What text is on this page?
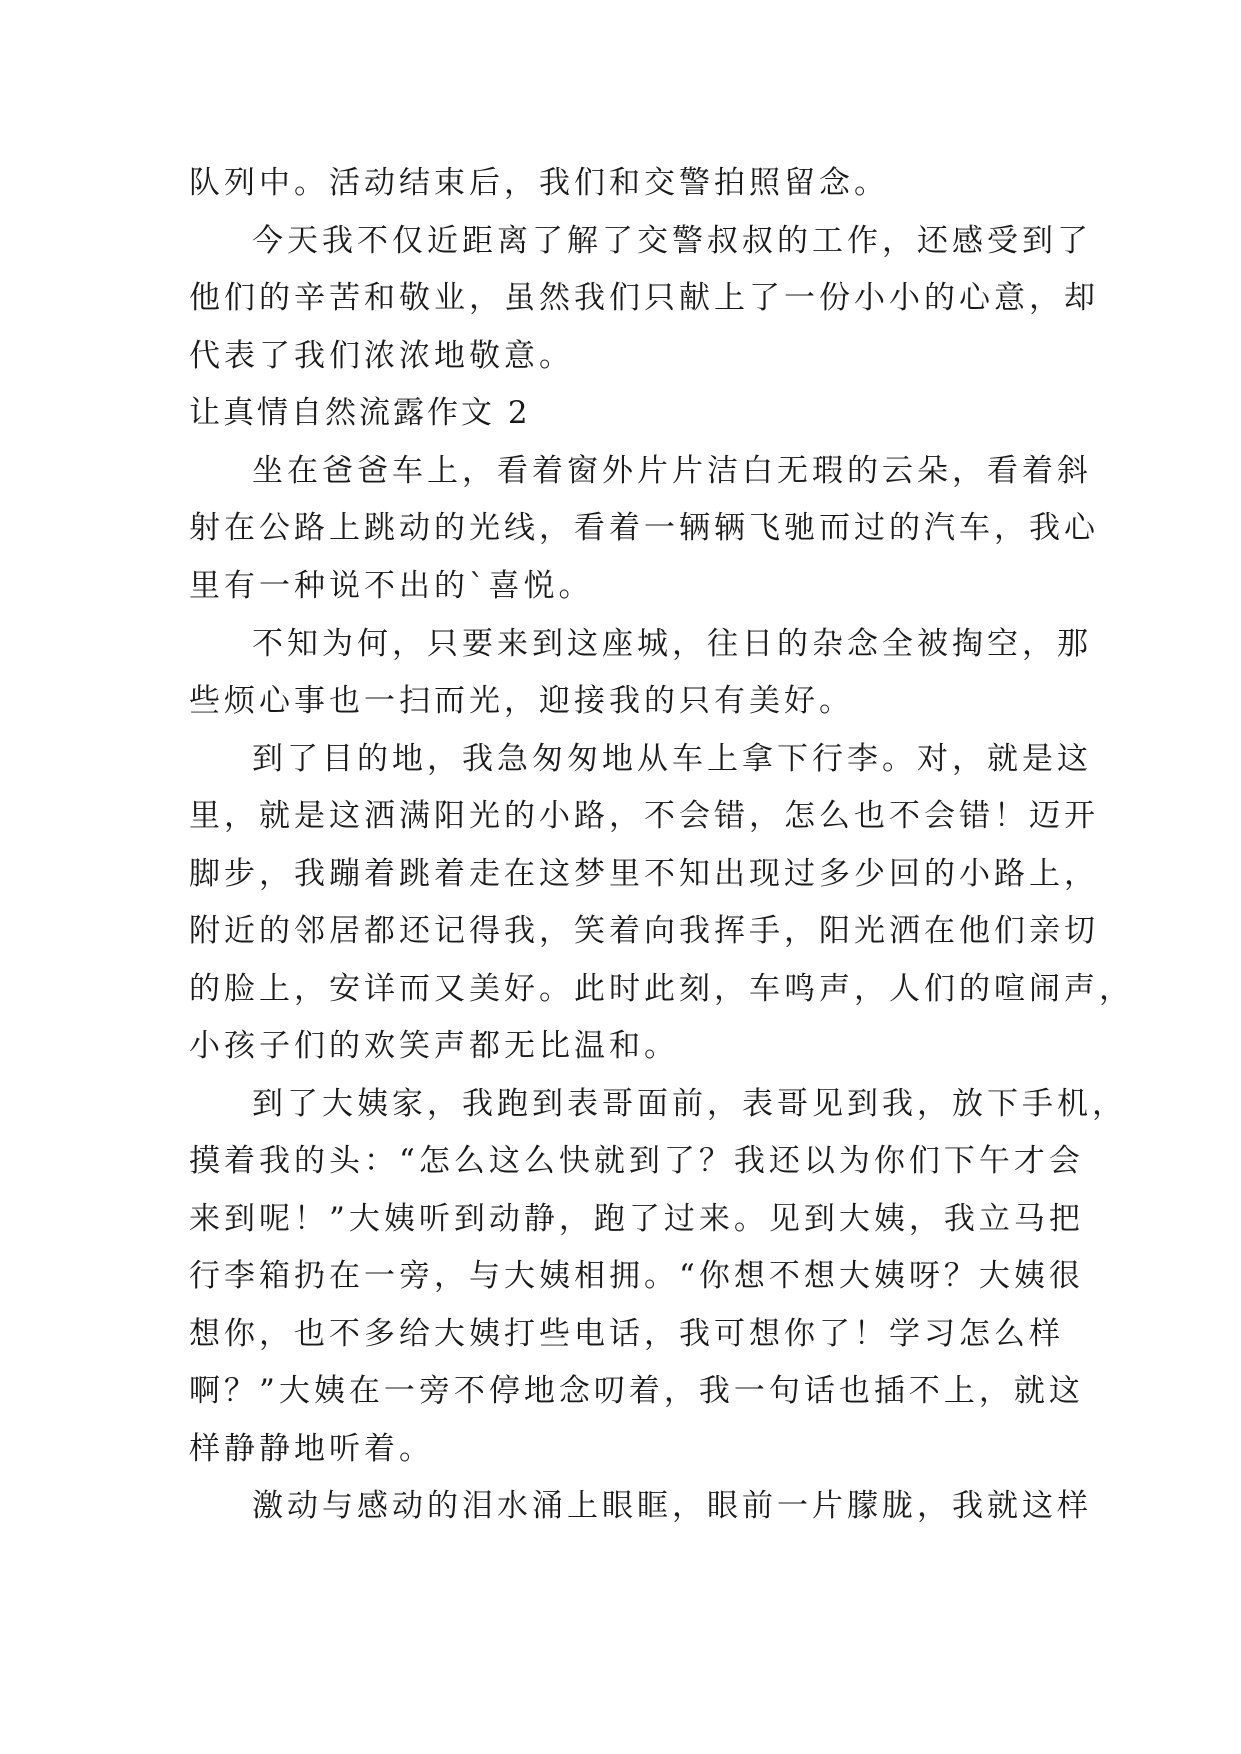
队列中。活动结束后，我们和交警拍照留念。
今天我不仅近距离了解了交警叔叔的工作，还感受到了
他们的辛苦和敬业，虽然我们只献上了一份小小的心意，却
代表了我们浓浓地敬意。
让真情自然流露作文 2
坐在爸爸车上，看着窗外片片洁白无瑕的云朵，看着斜
射在公路上跳动的光线，看着一辆辆飞驰而过的汽车，我心
里有一种说不出的`喜悦。
不知为何，只要来到这座城，往日的杂念全被掏空，那
些烦心事也一扫而光，迎接我的只有美好。
到了目的地，我急匆匆地从车上拿下行李。对，就是这
里，就是这洒满阳光的小路，不会错，怎么也不会错！迈开
脚步，我蹦着跳着走在这梦里不知出现过多少回的小路上，
附近的邻居都还记得我，笑着向我挥手，阳光洒在他们亲切
的脸上，安详而又美好。此时此刻，车鸣声，人们的喧闹声，
小孩子们的欢笑声都无比温和。
到了大姨家，我跑到表哥面前，表哥见到我，放下手机，
摸着我的头：“怎么这么快就到了？我还以为你们下午才会
来到呢！”大姨听到动静，跑了过来。见到大姨，我立马把
行李箱扔在一旁，与大姨相拥。“你想不想大姨呀？大姨很
想你，也不多给大姨打些电话，我可想你了！学习怎么样
啊？”大姨在一旁不停地念叨着，我一句话也插不上，就这
样静静地听着。
激动与感动的泪水涌上眼眶，眼前一片朦胧，我就这样
